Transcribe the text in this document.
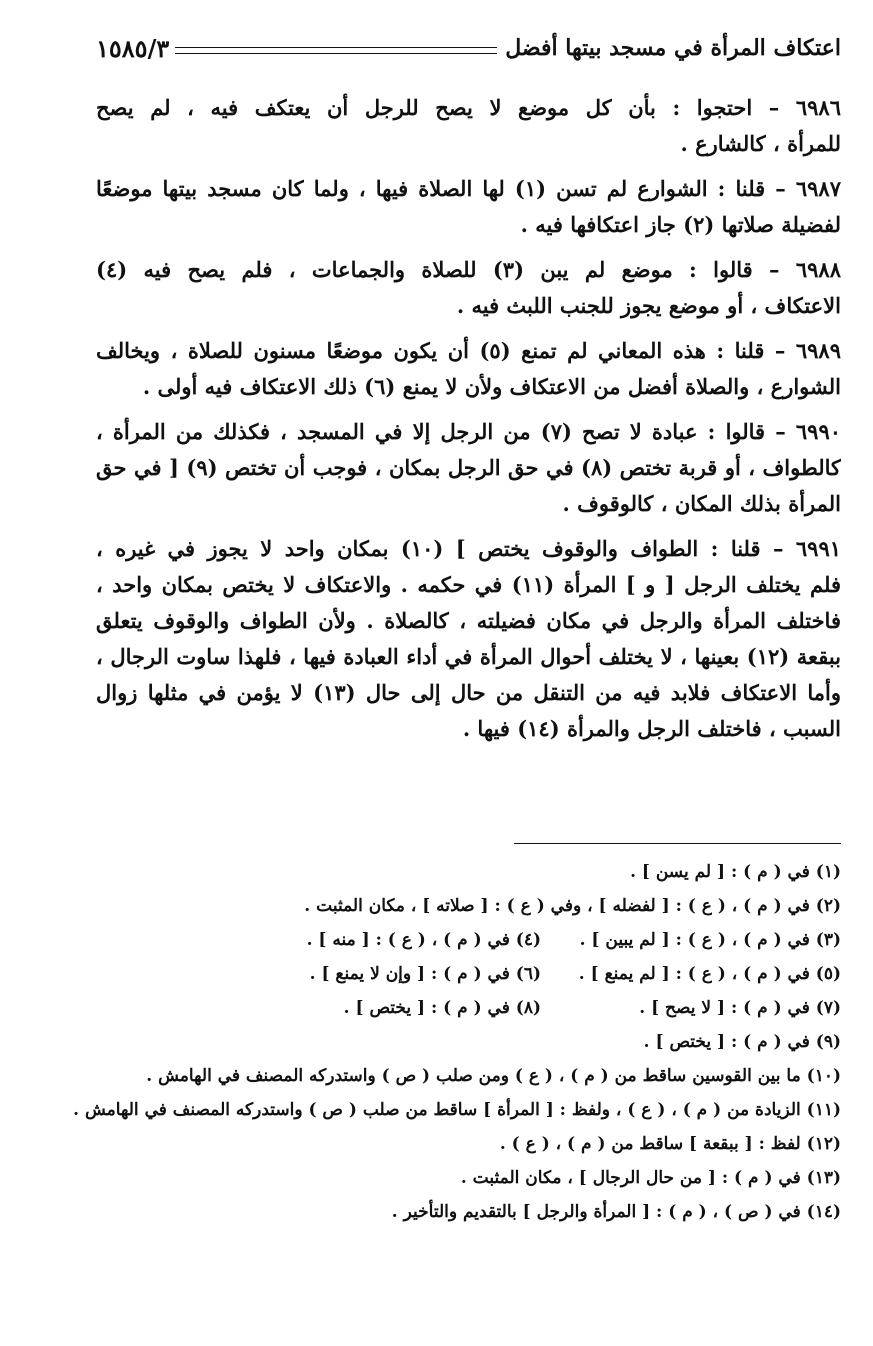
اعتكاف المرأة في مسجد بيتها أفضل
١٥٨٥/٣
٦٩٨٦ – احتجوا : بأن كل موضع لا يصح للرجل أن يعتكف فيه ، لم يصح
للمرأة ، كالشارع .
٦٩٨٧ – قلنا : الشوارع لم تسن (١) لها الصلاة فيها ، ولما كان مسجد بيتها موضعًا
لفضيلة صلاتها (٢) جاز اعتكافها فيه .
٦٩٨٨ – قالوا : موضع لم يبن (٣) للصلاة والجماعات ، فلم يصح فيه (٤)
الاعتكاف ، أو موضع يجوز للجنب اللبث فيه .
٦٩٨٩ – قلنا : هذه المعاني لم تمنع (٥) أن يكون موضعًا مسنون للصلاة ، ويخالف
الشوارع ، والصلاة أفضل من الاعتكاف ولأن لا يمنع (٦) ذلك الاعتكاف فيه أولى .
٦٩٩٠ – قالوا : عبادة لا تصح (٧) من الرجل إلا في المسجد ، فكذلك من المرأة ،
كالطواف ، أو قربة تختص (٨) في حق الرجل بمكان ، فوجب أن تختص (٩) [ في حق
المرأة بذلك المكان ، كالوقوف .
٦٩٩١ – قلنا : الطواف والوقوف يختص ] (١٠) بمكان واحد لا يجوز في غيره ،
فلم يختلف الرجل [ و ] المرأة (١١) في حكمه . والاعتكاف لا يختص بمكان واحد ،
فاختلف المرأة والرجل في مكان فضيلته ، كالصلاة . ولأن الطواف والوقوف يتعلق
ببقعة (١٢) بعينها ، لا يختلف أحوال المرأة في أداء العبادة فيها ، فلهذا ساوت الرجال ،
وأما الاعتكاف فلابد فيه من التنقل من حال إلى حال (١٣) لا يؤمن في مثلها زوال
السبب ، فاختلف الرجل والمرأة (١٤) فيها .
(١) في ( م ) : [ لم يسن ] .
(٢) في ( م ) ، ( ع ) : [ لفضله ] ، وفي ( ع ) : [ صلاته ] ، مكان المثبت .
(٣) في ( م ) ، ( ع ) : [ لم يبين ] .
(٤) في ( م ) ، ( ع ) : [ منه ] .
(٥) في ( م ) ، ( ع ) : [ لم يمنع ] .
(٦) في ( م ) : [ وإن لا يمنع ] .
(٧) في ( م ) : [ لا يصح ] .
(٨) في ( م ) : [ يختص ] .
(٩) في ( م ) : [ يختص ] .
(١٠) ما بين القوسين ساقط من ( م ) ، ( ع ) ومن صلب ( ص ) واستدركه المصنف في الهامش .
(١١) الزيادة من ( م ) ، ( ع ) ، ولفظ : [ المرأة ] ساقط من صلب ( ص ) واستدركه المصنف في الهامش .
(١٢) لفظ : [ ببقعة ] ساقط من ( م ) ، ( ع ) .
(١٣) في ( م ) : [ من حال الرجال ] ، مكان المثبت .
(١٤) في ( ص ) ، ( م ) : [ المرأة والرجل ] بالتقديم والتأخير .
